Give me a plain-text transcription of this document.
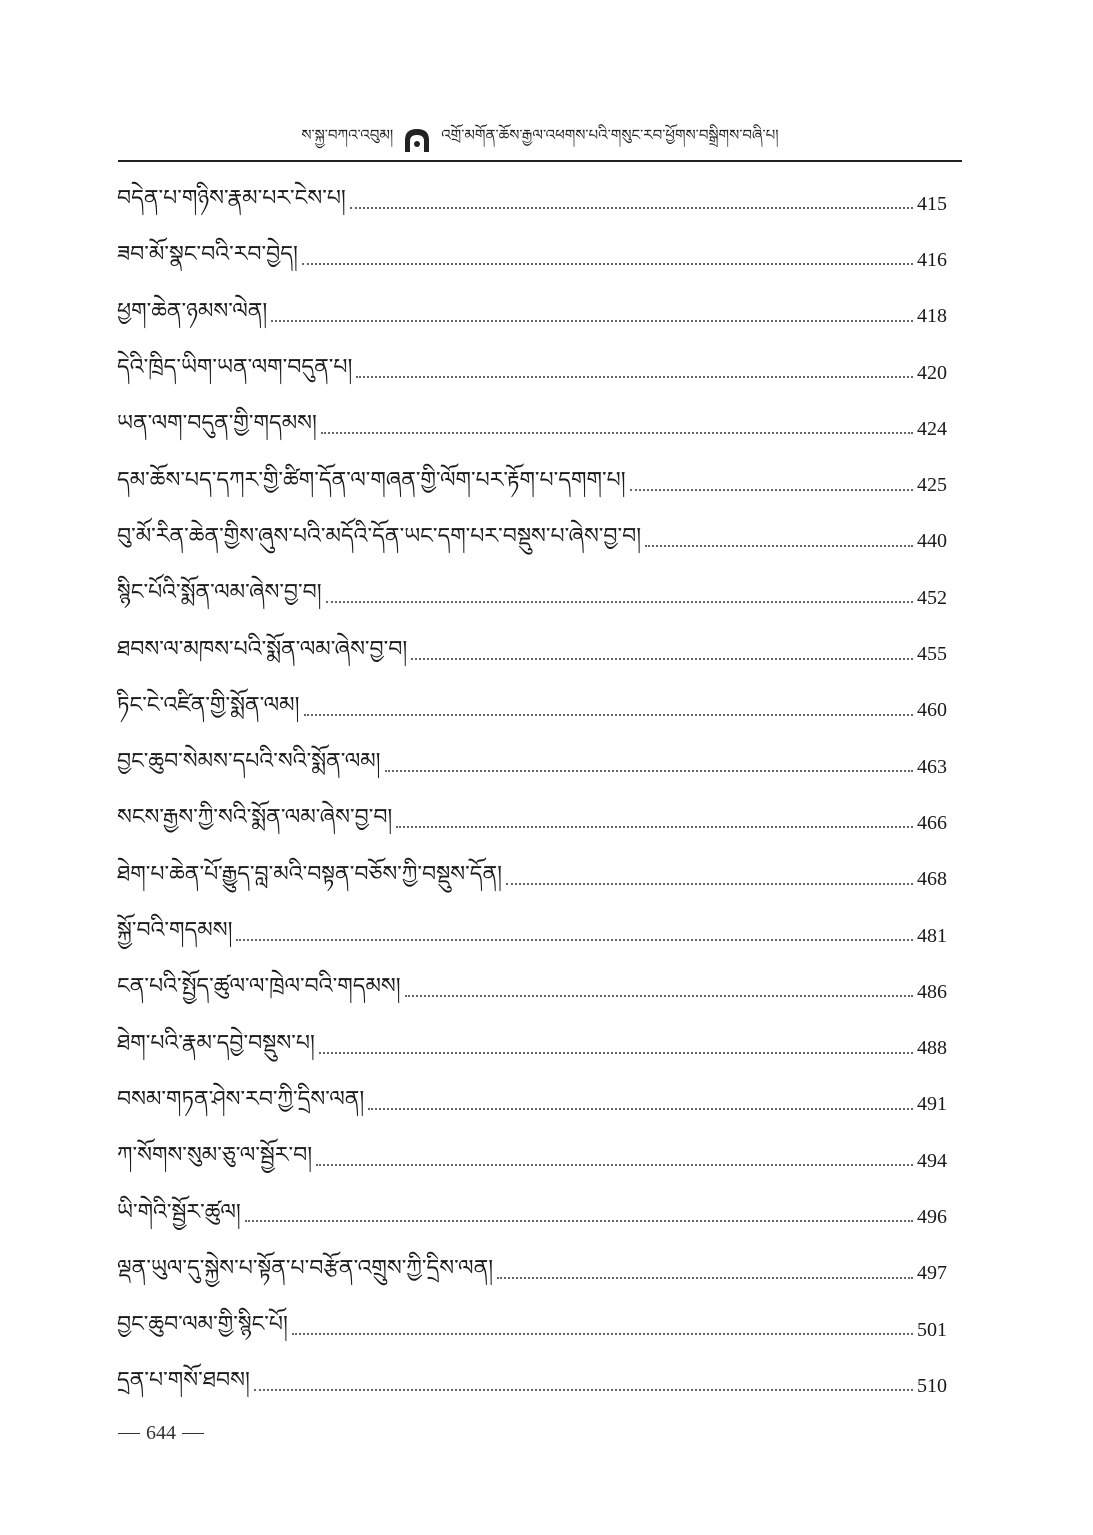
ས་སྐྱ་བཀའ་འབུམ།	འགྲོ་མགོན་ཆོས་རྒྱལ་འཕགས་པའི་གསུང་རབ་ཕྱོགས་བསྒྲིགས་བཞི་པ།
བདེན་པ་གཉིས་རྣམ་པར་ངེས་པ།	415
ཟབ་མོ་སྣང་བའི་རབ་བྱེད།	416
ཕྱག་ཆེན་ཉམས་ལེན།	418
དེའི་ཁྲིད་ཡིག་ཡན་ལག་བདུན་པ།	420
ཡན་ལག་བདུན་གྱི་གདམས།	424
དམ་ཆོས་པད་དཀར་གྱི་ཚིག་དོན་ལ་གཞན་གྱི་ལོག་པར་རྟོག་པ་དགག་པ།	425
བུ་མོ་རིན་ཆེན་གྱིས་ཞུས་པའི་མདོའི་དོན་ཡང་དག་པར་བསྡུས་པ་ཞེས་བྱ་བ།	440
སྙིང་པོའི་སྨོན་ལམ་ཞེས་བྱ་བ།	452
ཐབས་ལ་མཁས་པའི་སྨོན་ལམ་ཞེས་བྱ་བ།	455
ཏིང་ངེ་འཛིན་གྱི་སྨོན་ལམ།	460
བྱང་ཆུབ་སེམས་དཔའི་སའི་སྨོན་ལམ།	463
སངས་རྒྱས་ཀྱི་སའི་སྨོན་ལམ་ཞེས་བྱ་བ།	466
ཐེག་པ་ཆེན་པོ་རྒྱུད་བླ་མའི་བསྟན་བཅོས་ཀྱི་བསྡུས་དོན།	468
སྐྱོ་བའི་གདམས།	481
ངན་པའི་སྤྱོད་ཚུལ་ལ་ཁྲེལ་བའི་གདམས།	486
ཐེག་པའི་རྣམ་དབྱེ་བསྡུས་པ།	488
བསམ་གཏན་ཤེས་རབ་ཀྱི་དྲིས་ལན།	491
ཀ་སོགས་སུམ་ཅུ་ལ་སྦྱོར་བ།	494
ཡི་གེའི་སྦྱོར་ཚུལ།	496
ལྡན་ཡུལ་དུ་སྐྱེས་པ་སྟོན་པ་བརྩོན་འགྲུས་ཀྱི་དྲིས་ལན།	497
བྱང་ཆུབ་ལམ་གྱི་སྙིང་པོ།	501
དྲན་པ་གསོ་ཐབས།	510
644
